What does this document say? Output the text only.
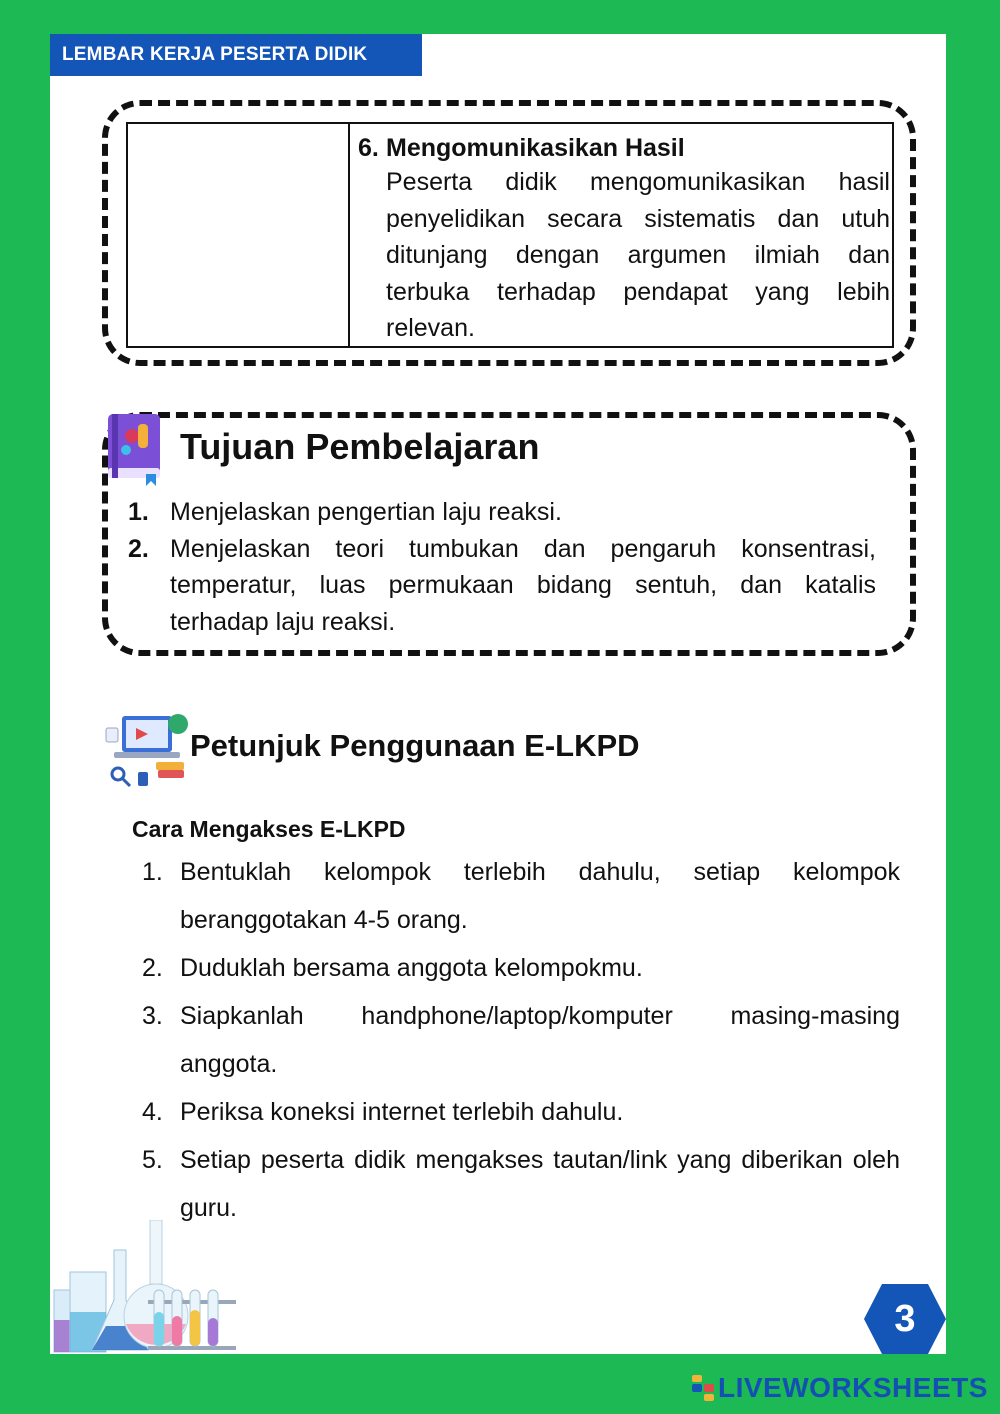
LEMBAR KERJA PESERTA DIDIK
6. Mengomunikasikan Hasil
Peserta didik mengomunikasikan hasil penyelidikan secara sistematis dan utuh ditunjang dengan argumen ilmiah dan terbuka terhadap pendapat yang lebih relevan.
Tujuan Pembelajaran
1. Menjelaskan pengertian laju reaksi.
2. Menjelaskan teori tumbukan dan pengaruh konsentrasi, temperatur, luas permukaan bidang sentuh, dan katalis terhadap laju reaksi.
Petunjuk Penggunaan E-LKPD
Cara Mengakses E-LKPD
1. Bentuklah kelompok terlebih dahulu, setiap kelompok beranggotakan 4-5 orang.
2. Duduklah bersama anggota kelompokmu.
3. Siapkanlah handphone/laptop/komputer masing-masing anggota.
4. Periksa koneksi internet terlebih dahulu.
5. Setiap peserta didik mengakses tautan/link yang diberikan oleh guru.
3
LIVEWORKSHEETS
